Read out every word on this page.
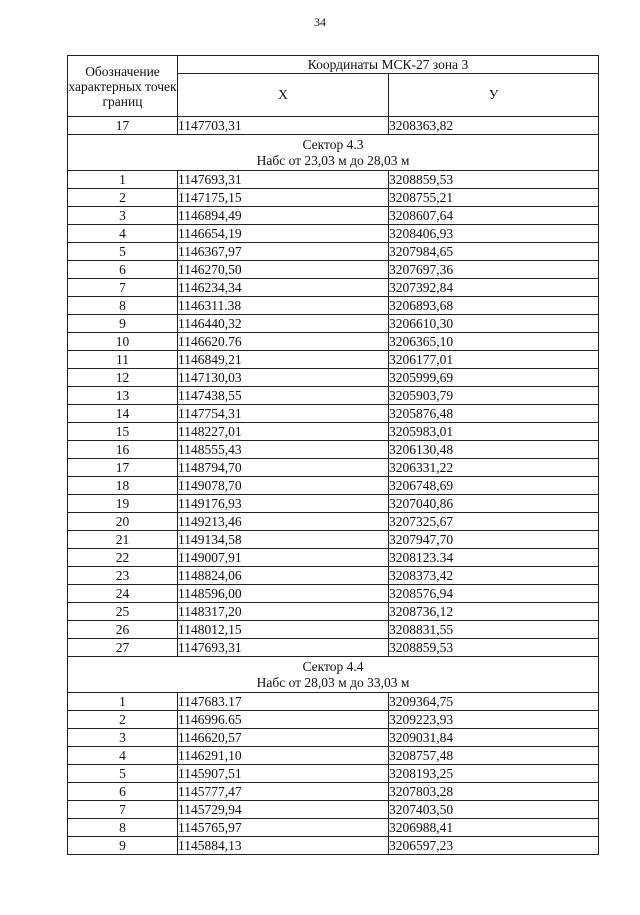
34
Обозначение характерных точек границ	Координаты МСК-27 зона 3	
	Х	У
17	1147703,31	3208363,82

Сектор 4.3
Набс от 23,03 м до 28,03 м		

1	1147693,31	3208859,53
2	1147175,15	3208755,21
3	1146894,49	3208607,64
4	1146654,19	3208406,93
5	1146367,97	3207984,65
6	1146270,50	3207697,36
7	1146234,34	3207392,84
8	1146311.38	3206893,68
9	1146440,32	3206610,30
10	1146620.76	3206365,10
11	1146849,21	3206177,01
12	1147130,03	3205999,69
13	1147438,55	3205903,79
14	1147754,31	3205876,48
15	1148227,01	3205983,01
16	1148555,43	3206130,48
17	1148794,70	3206331,22
18	1149078,70	3206748,69
19	1149176,93	3207040,86
20	1149213,46	3207325,67
21	1149134,58	3207947,70
22	1149007,91	3208123.34
23	1148824,06	3208373,42
24	1148596,00	3208576,94
25	1148317,20	3208736,12
26	1148012,15	3208831,55
27	1147693,31	3208859,53

Сектор 4.4
Набс от 28,03 м до 33,03 м		

1	1147683.17	3209364,75
2	1146996.65	3209223,93
3	1146620,57	3209031,84
4	1146291,10	3208757,48
5	1145907,51	3208193,25
6	1145777,47	3207803,28
7	1145729,94	3207403,50
8	1145765,97	3206988,41
9	1145884,13	3206597,23
